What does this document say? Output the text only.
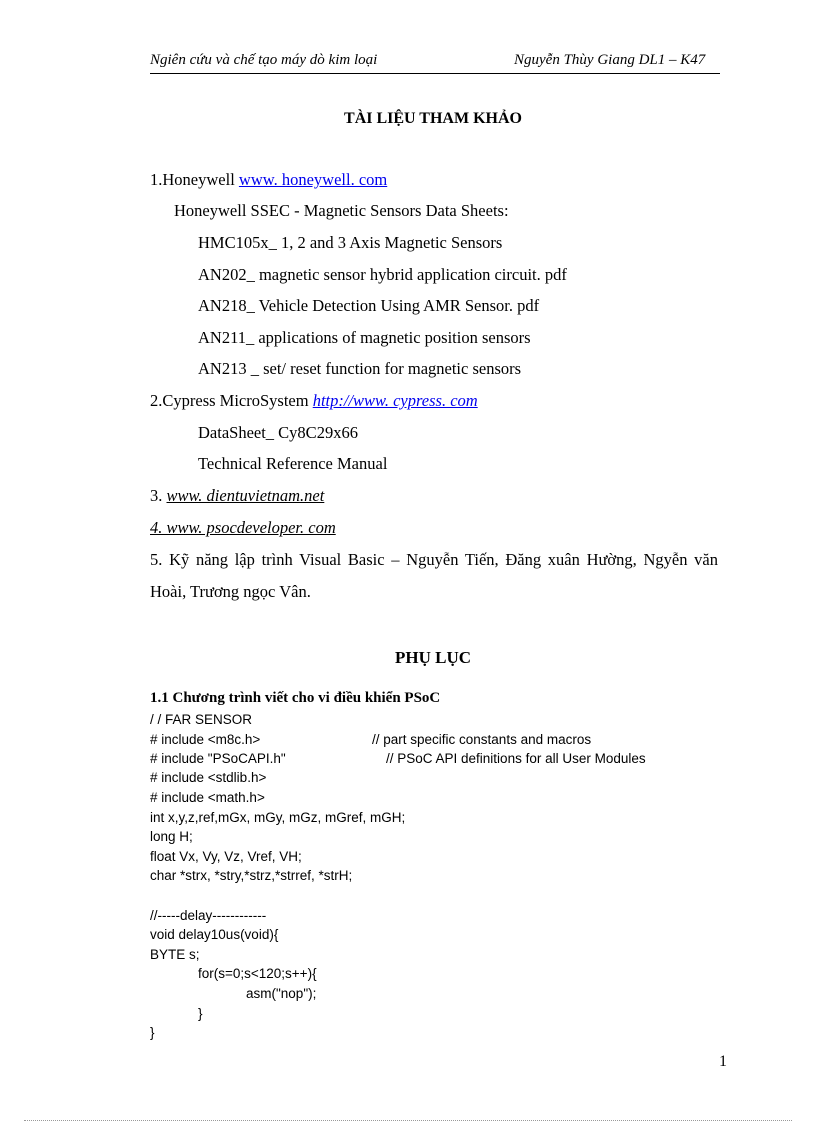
Ngiên cứu và chế tạo máy dò kim loại	Nguyễn Thùy Giang DL1 – K47
TÀI LIỆU THAM KHẢO
1.Honeywell www. honeywell. com
Honeywell SSEC - Magnetic Sensors Data Sheets:
HMC105x_ 1, 2 and 3 Axis Magnetic Sensors
AN202_ magnetic sensor hybrid application circuit. pdf
AN218_ Vehicle Detection Using AMR Sensor. pdf
AN211_ applications of magnetic position sensors
AN213 _ set/ reset function for magnetic sensors
2.Cypress MicroSystem http://www. cypress. com
DataSheet_ Cy8C29x66
Technical Reference Manual
3. www. dientuvietnam.net
4. www. psocdeveloper. com
5. Kỹ năng lập trình Visual Basic – Nguyễn Tiến, Đăng xuân Hường, Ngyễn văn
Hoài, Trương ngọc Vân.
PHỤ LỤC
1.1 Chương trình viết cho vi điều khiển PSoC
/ / FAR SENSOR
# include <m8c.h>	// part specific constants and macros
# include "PSoCAPI.h"	// PSoC API definitions for all User Modules
# include <stdlib.h>
# include <math.h>
int x,y,z,ref,mGx, mGy, mGz, mGref, mGH;
long H;
float Vx, Vy, Vz, Vref, VH;
char *strx, *stry,*strz,*strref, *strH;
//-----delay------------
void delay10us(void){
BYTE s;
for(s=0;s<120;s++){
asm("nop");
}
}
1
